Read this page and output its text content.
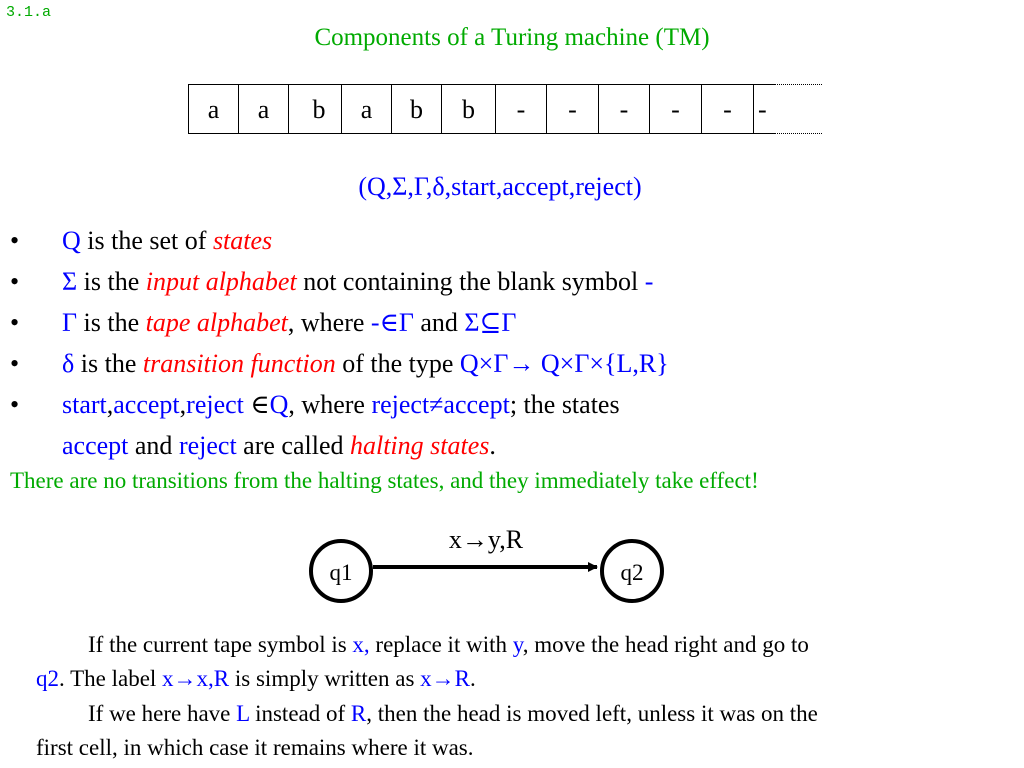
3.1.a
Components of a Turing machine (TM)
a	a	b	a	b	b	-	-	-	-	-	-
(Q,Σ,Γ,δ,start,accept,reject)
• Q is the set of states
• Σ is the input alphabet not containing the blank symbol -
• Γ is the tape alphabet, where -∈Γ and Σ⊆Γ
• δ is the transition function of the type Q×Γ→ Q×Γ×{L,R}
• start,accept,reject ∈Q, where reject≠accept; the states
accept and reject are called halting states.
There are no transitions from the halting states, and they immediately take effect!
q1	q2
x→y,R
If the current tape symbol is x, replace it with y, move the head right and go to
q2. The label x→x,R is simply written as x→R.
If we here have L instead of R, then the head is moved left, unless it was on the
first cell, in which case it remains where it was.
